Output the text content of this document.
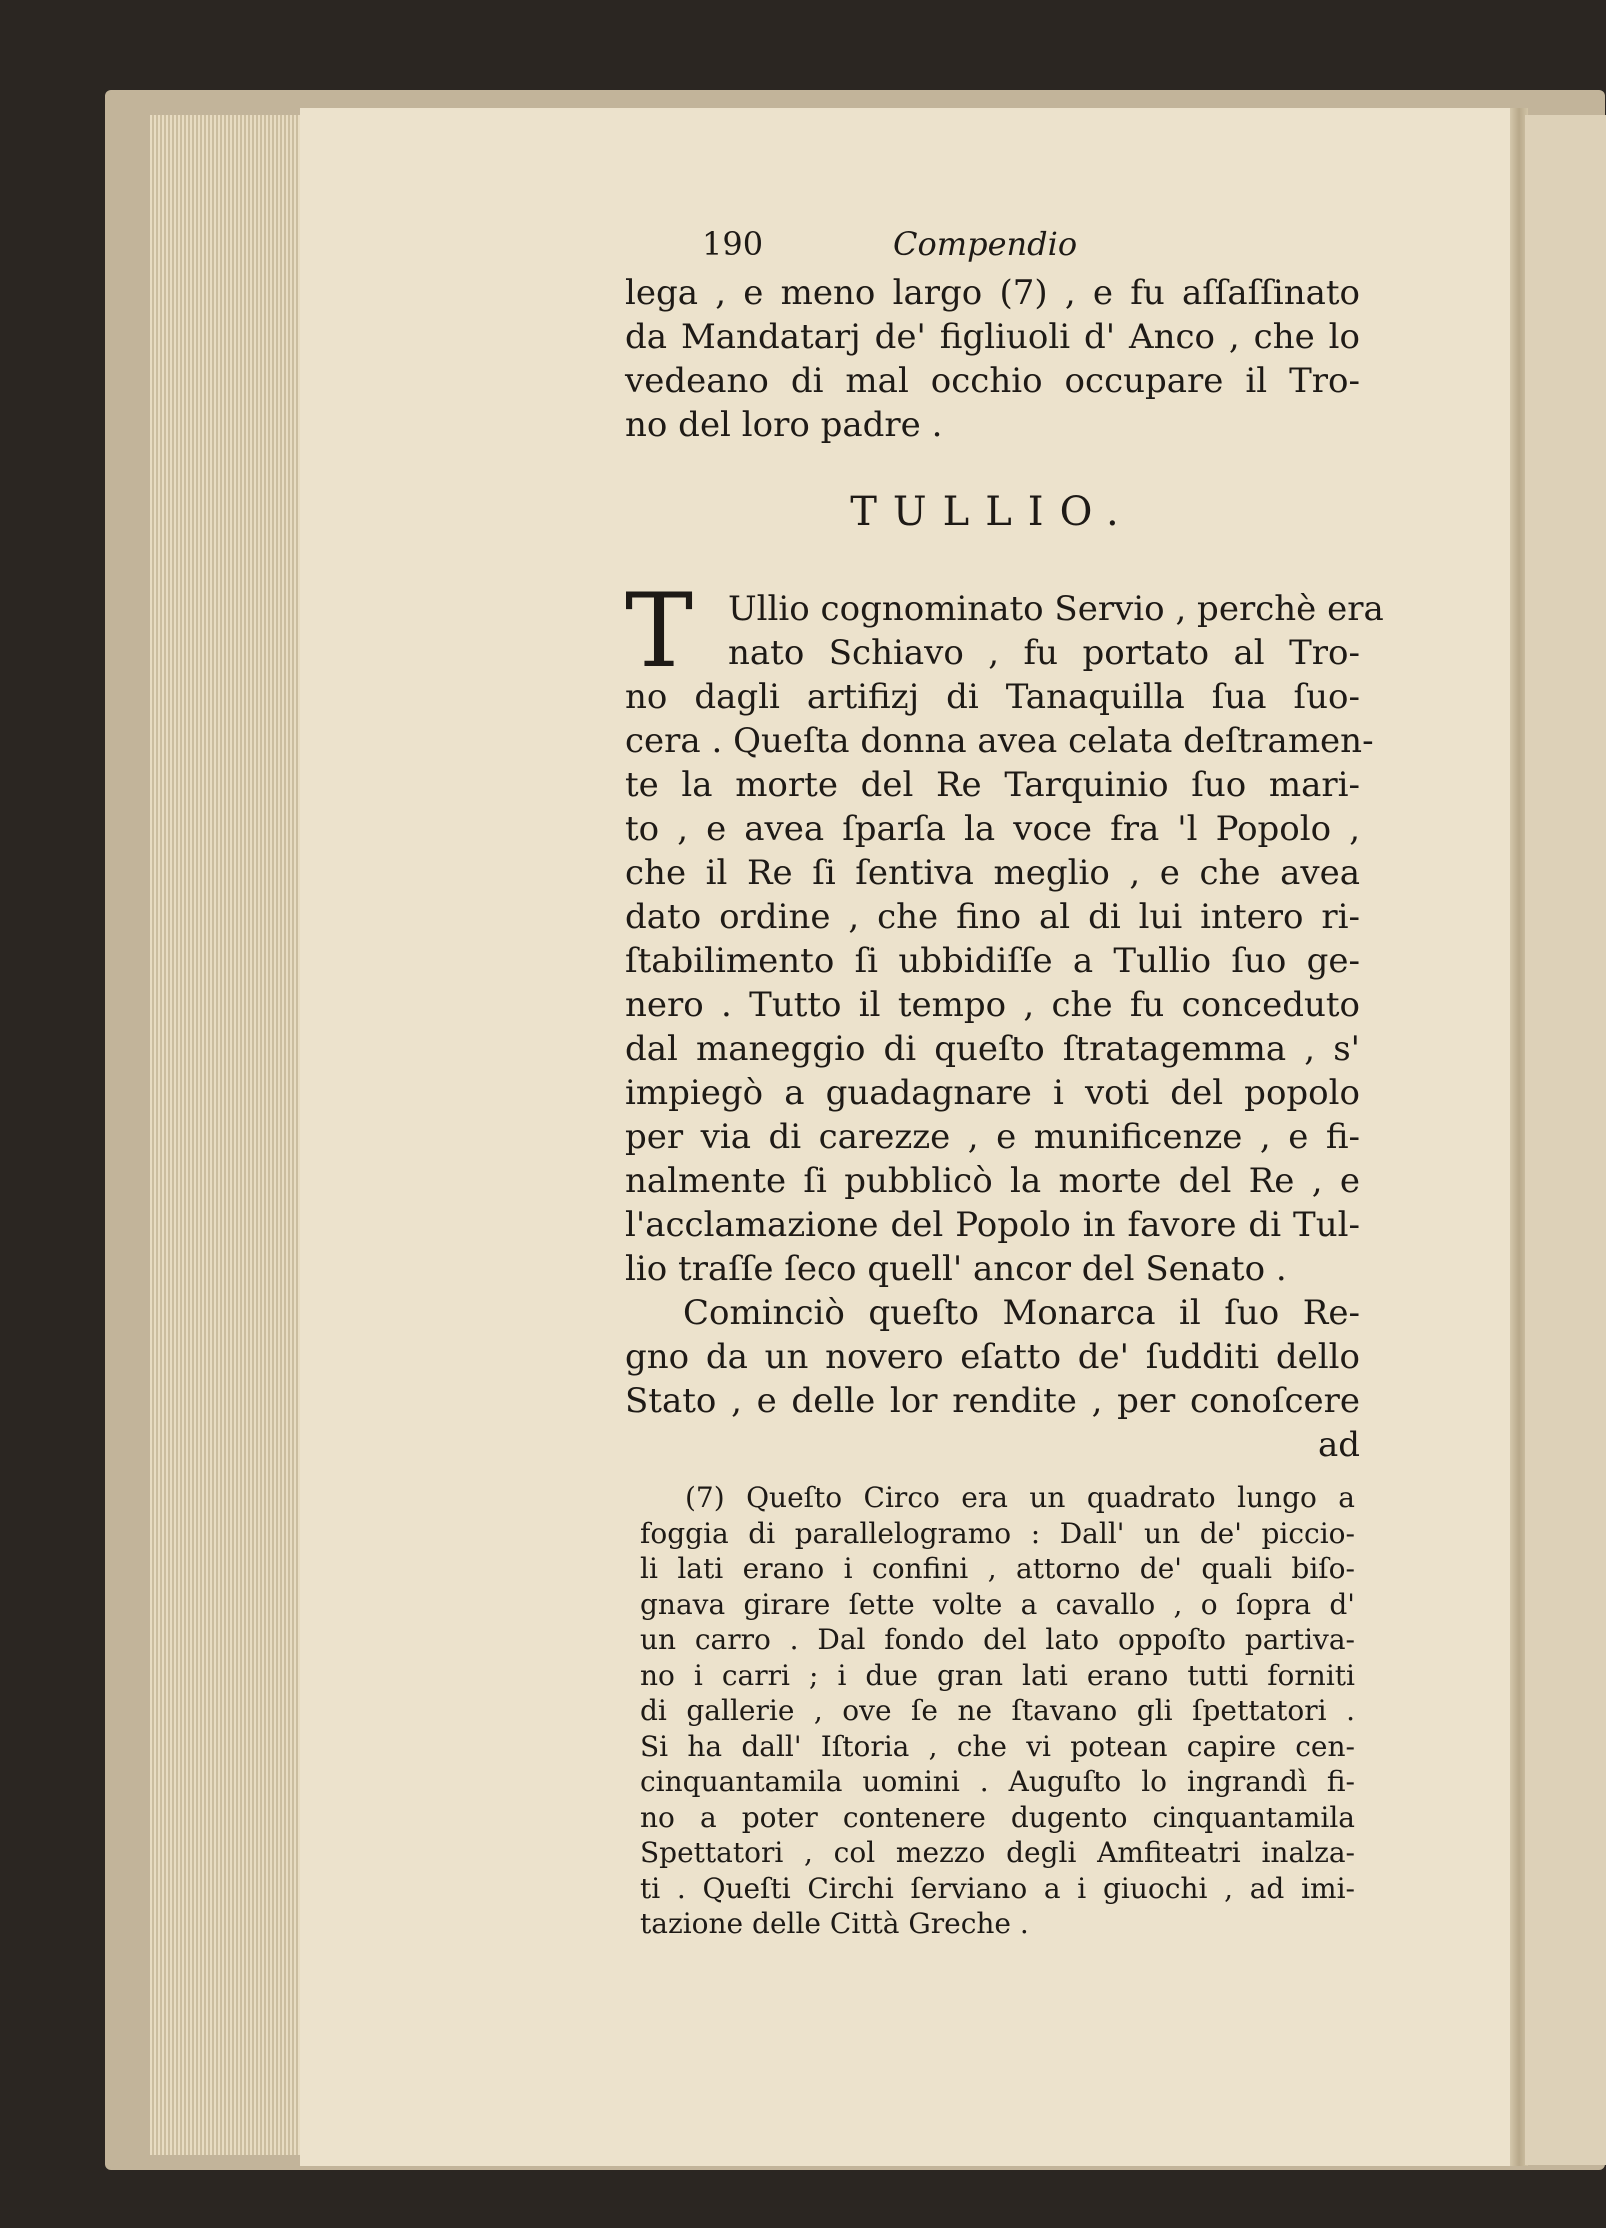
190	Compendio
lega , e meno largo (7) , e fu aſſaſſinato
da Mandatarj de' figliuoli d' Anco , che lo
vedeano di mal occhio occupare il Tro-
no del loro padre .
TULLIO.
T Ullio cognominato Servio , perchè era
nato Schiavo , fu portato al Tro-
no dagli artifizj di Tanaquilla ſua ſuo-
cera . Queſta donna avea celata deſtramen-
te la morte del Re Tarquinio ſuo mari-
to , e avea ſparſa la voce fra 'l Popolo ,
che il Re ſi ſentiva meglio , e che avea
dato ordine , che fino al di lui intero ri-
ſtabilimento ſi ubbidiſſe a Tullio ſuo ge-
nero . Tutto il tempo , che fu conceduto
dal maneggio di queſto ſtratagemma , s'
impiegò a guadagnare i voti del popolo
per via di carezze , e munificenze , e fi-
nalmente ſi pubblicò la morte del Re , e
l'acclamazione del Popolo in favore di Tul-
lio traſſe ſeco quell' ancor del Senato .
Cominciò queſto Monarca il ſuo Re-
gno da un novero eſatto de' ſudditi dello
Stato , e delle lor rendite , per conoſcere
ad
(7) Queſto Circo era un quadrato lungo a
foggia di parallelogramo : Dall' un de' piccio-
li lati erano i confini , attorno de' quali biſo-
gnava girare ſette volte a cavallo , o ſopra d'
un carro . Dal fondo del lato oppoſto partiva-
no i carri ; i due gran lati erano tutti forniti
di gallerie , ove ſe ne ſtavano gli ſpettatori .
Si ha dall' Iſtoria , che vi potean capire cen-
cinquantamila uomini . Auguſto lo ingrandì fi-
no a poter contenere dugento cinquantamila
Spettatori , col mezzo degli Amfiteatri inalza-
ti . Queſti Circhi ſerviano a i giuochi , ad imi-
tazione delle Città Greche .
